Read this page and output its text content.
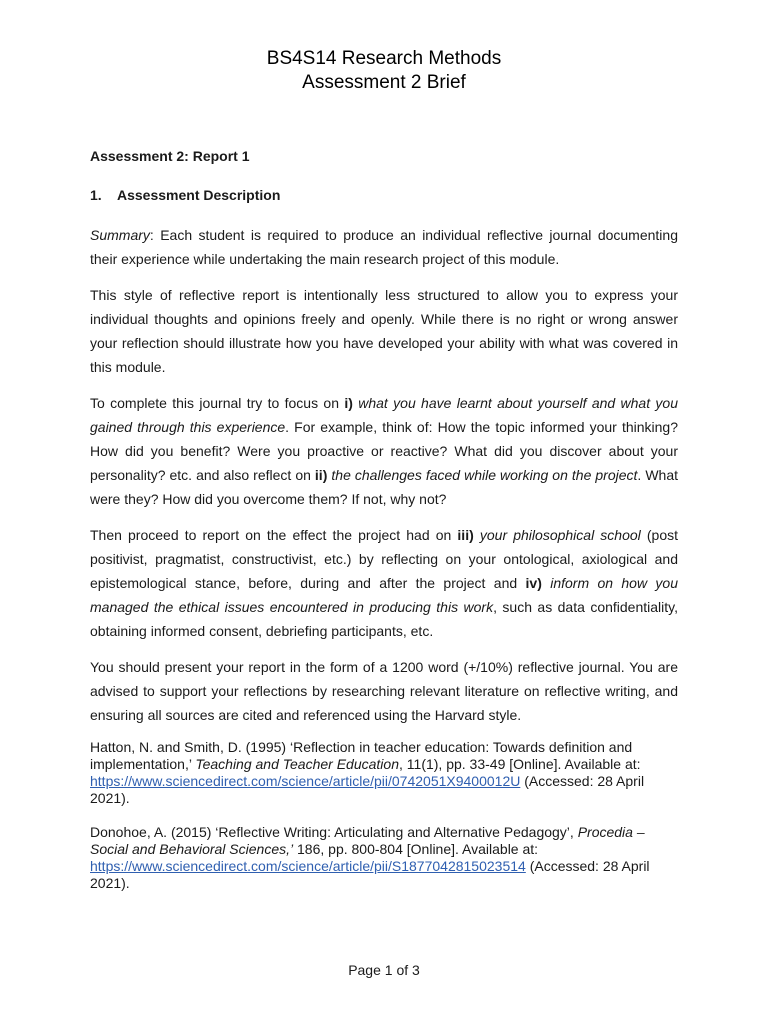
BS4S14 Research Methods
Assessment 2 Brief

Assessment 2: Report 1

1. Assessment Description

Summary: Each student is required to produce an individual reflective journal documenting their experience while undertaking the main research project of this module.

This style of reflective report is intentionally less structured to allow you to express your individual thoughts and opinions freely and openly. While there is no right or wrong answer your reflection should illustrate how you have developed your ability with what was covered in this module.

To complete this journal try to focus on i) what you have learnt about yourself and what you gained through this experience. For example, think of: How the topic informed your thinking? How did you benefit? Were you proactive or reactive? What did you discover about your personality? etc. and also reflect on ii) the challenges faced while working on the project. What were they? How did you overcome them? If not, why not?

Then proceed to report on the effect the project had on iii) your philosophical school (post positivist, pragmatist, constructivist, etc.) by reflecting on your ontological, axiological and epistemological stance, before, during and after the project and iv) inform on how you managed the ethical issues encountered in producing this work, such as data confidentiality, obtaining informed consent, debriefing participants, etc.

You should present your report in the form of a 1200 word (+/10%) reflective journal. You are advised to support your reflections by researching relevant literature on reflective writing, and ensuring all sources are cited and referenced using the Harvard style.

Hatton, N. and Smith, D. (1995) ‘Reflection in teacher education: Towards definition and implementation,’ Teaching and Teacher Education, 11(1), pp. 33-49 [Online]. Available at: https://www.sciencedirect.com/science/article/pii/0742051X9400012U (Accessed: 28 April 2021).

Donohoe, A. (2015) ‘Reflective Writing: Articulating and Alternative Pedagogy’, Procedia – Social and Behavioral Sciences,’ 186, pp. 800-804 [Online]. Available at: https://www.sciencedirect.com/science/article/pii/S1877042815023514 (Accessed: 28 April 2021).

Page 1 of 3
